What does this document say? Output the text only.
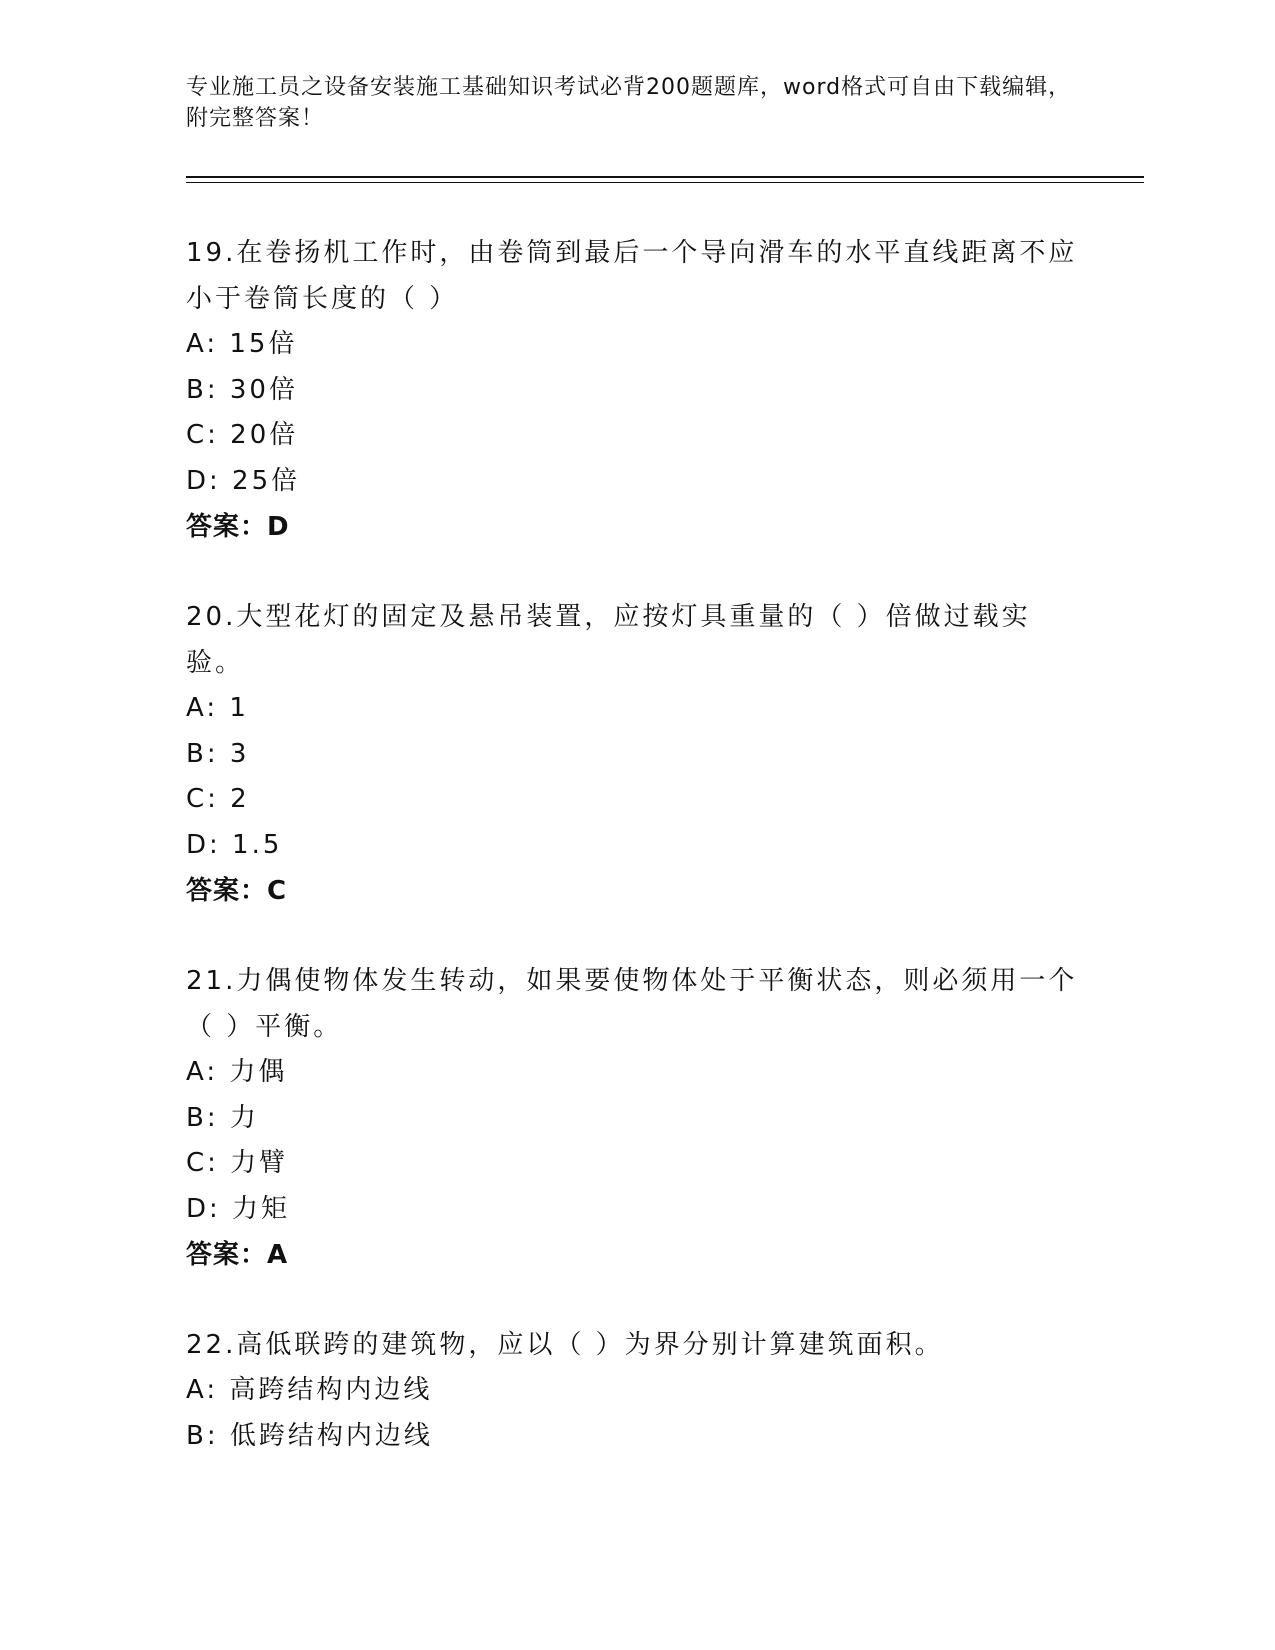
专业施工员之设备安装施工基础知识考试必背200题题库，word格式可自由下载编辑，附完整答案！

19.在卷扬机工作时，由卷筒到最后一个导向滑车的水平直线距离不应小于卷筒长度的（ ）

A: 15倍
B: 30倍
C: 20倍
D: 25倍
答案：D

20.大型花灯的固定及悬吊装置，应按灯具重量的（ ）倍做过载实验。

A: 1
B: 3
C: 2
D: 1.5
答案：C

21.力偶使物体发生转动，如果要使物体处于平衡状态，则必须用一个（ ）平衡。

A: 力偶
B: 力
C: 力臂
D: 力矩
答案：A

22.高低联跨的建筑物，应以（ ）为界分别计算建筑面积。

A: 高跨结构内边线
B: 低跨结构内边线
